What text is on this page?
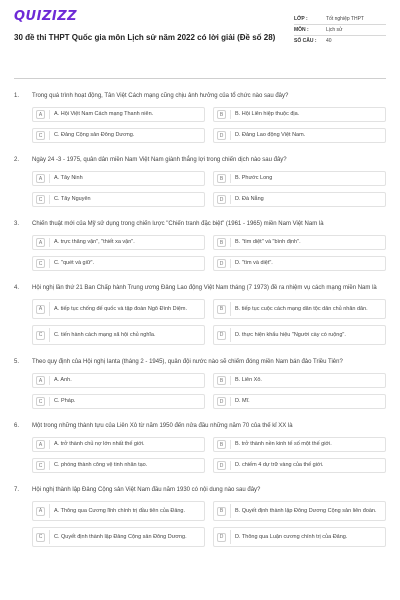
QUIZIZZ
30 đề thi THPT Quốc gia môn Lịch sử năm 2022 có lời giải (Đề số 28)
LỚP :	Tốt nghiệp THPT
MÔN :	Lịch sử
SỐ CÂU :	40
1.	Trong quá trình hoạt động, Tân Việt Cách mạng cũng chịu ảnh hưởng của tổ chức nào sau đây?
A	A. Hội Việt Nam Cách mạng Thanh niên.	B	B. Hội Liên hiệp thuộc địa.
C	C. Đảng Cộng sản Đông Dương.	D	D. Đảng Lao động Việt Nam.
2.	Ngày 24 -3 - 1975, quân dân miền Nam Việt Nam giành thắng lợi trong chiến dịch nào sau đây?
A	A. Tây Ninh	B	B. Phước Long
C	C. Tây Nguyên	D	D. Đà Nẵng
3.	Chiến thuật mới của Mỹ sử dụng trong chiến lược "Chiến tranh đặc biệt" (1961 - 1965) miền Nam Việt Nam là
A	A. trực thăng vận", "thiết xa vận".	B	B. "tìm diệt" và "bình định".
C	C. "quét và giữ".	D	D. "tìm và diệt".
4.	Hội nghị lần thứ 21 Ban Chấp hành Trung ương Đảng Lao động Việt Nam tháng (7 1973) đề ra nhiệm vụ cách mạng miền Nam là
A	A. tiếp tục chống đế quốc và tập đoàn Ngô Đình Diệm.	B	B. tiếp tục cuộc cách mạng dân tộc dân chủ nhân dân.
C	C. tiến hành cách mạng xã hội chủ nghĩa.	D	D. thực hiện khẩu hiệu "Người cày có ruộng".
5.	Theo quy định của Hội nghị Ianta (tháng 2 - 1945), quân đội nước nào sẽ chiếm đóng miền Nam bán đảo Triều Tiên?
A	A. Anh.	B	B. Liên Xô.
C	C. Pháp.	D	D. Mĩ.
6.	Một trong những thành tựu của Liên Xô từ năm 1950 đến nửa đầu những năm 70 của thế kỉ XX là
A	A. trở thành chủ nợ lớn nhất thế giới.	B	B. trở thành nền kinh tế số một thế giới.
C	C. phóng thành công vệ tinh nhân tạo.	D	D. chiếm 4 dự trữ vàng của thế giới.
7.	Hội nghị thành lập Đảng Cộng sản Việt Nam đầu năm 1930 có nội dung nào sau đây?
A	A. Thông qua Cương lĩnh chính trị đầu tiên của Đảng.	B	B. Quyết định thành lập Đông Dương Cộng sản liên đoàn.
C	C. Quyết định thành lập Đảng Cộng sản Đông Dương.	D	D. Thông qua Luận cương chính trị của Đảng.
